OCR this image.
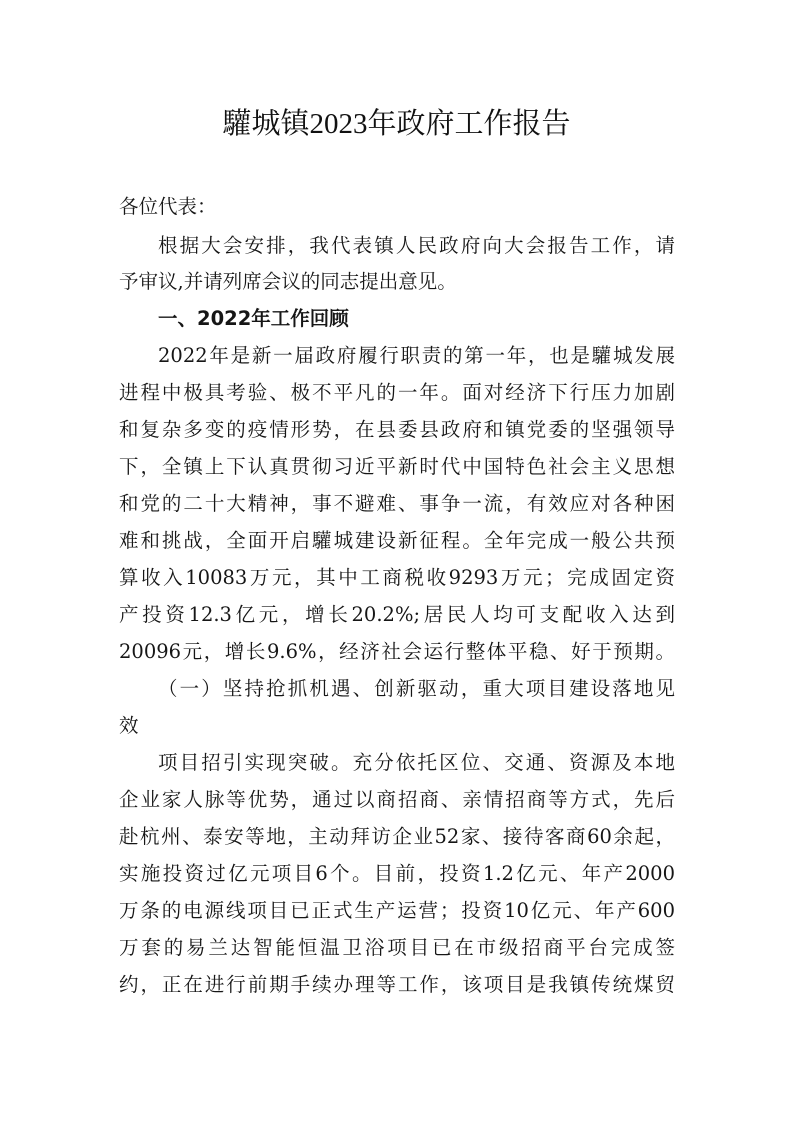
驩城镇2023年政府工作报告
各位代表：
根据大会安排，我代表镇人民政府向大会报告工作，请
予审议,并请列席会议的同志提出意见。
一、2022年工作回顾
2022年是新一届政府履行职责的第一年，也是驩城发展
进程中极具考验、极不平凡的一年。面对经济下行压力加剧
和复杂多变的疫情形势，在县委县政府和镇党委的坚强领导
下，全镇上下认真贯彻习近平新时代中国特色社会主义思想
和党的二十大精神，事不避难、事争一流，有效应对各种困
难和挑战，全面开启驩城建设新征程。全年完成一般公共预
算收入10083万元，其中工商税收9293万元；完成固定资
产投资12.3亿元，增长20.2%;居民人均可支配收入达到
20096元，增长9.6%，经济社会运行整体平稳、好于预期。
（一）坚持抢抓机遇、创新驱动，重大项目建设落地见
效
项目招引实现突破。充分依托区位、交通、资源及本地
企业家人脉等优势，通过以商招商、亲情招商等方式，先后
赴杭州、泰安等地，主动拜访企业52家、接待客商60余起，
实施投资过亿元项目6个。目前，投资1.2亿元、年产2000
万条的电源线项目已正式生产运营；投资10亿元、年产600
万套的易兰达智能恒温卫浴项目已在市级招商平台完成签
约，正在进行前期手续办理等工作，该项目是我镇传统煤贸
